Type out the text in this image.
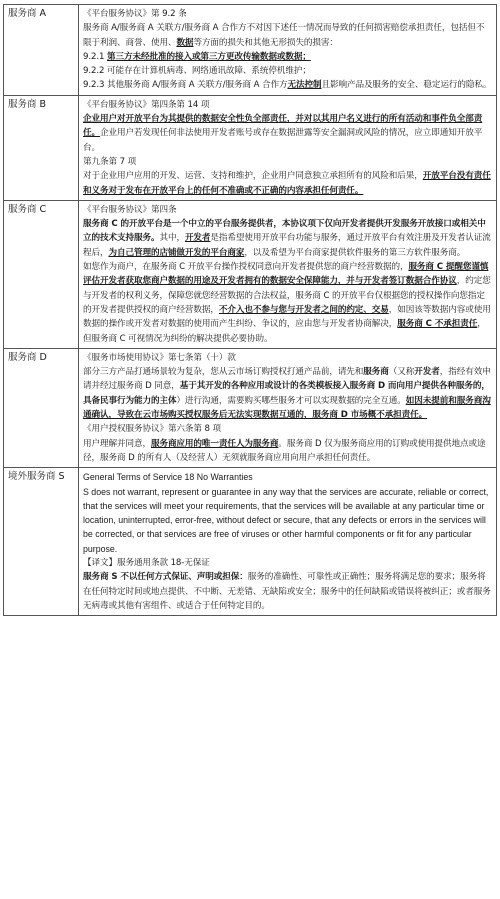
服务商 A	《平台服务协议》第 9.2 条
服务商 A/服务商 A 关联方/服务商 A 合作方不对因下述任一情况而导致的任何损害赔偿承担责任，包括但不限于利润、商誉、使用、数据等方面的损失和其他无形损失的损害：
9.2.1 第三方未经批准的接入或第三方更改传输数据或数据；
9.2.2 可能存在计算机病毒、网络通讯故障、系统停机维护；
9.2.3 其他服务商 A/服务商 A 关联方/服务商 A 合作方无法控制且影响产品及服务的安全、稳定运行的隐私。

服务商 B	《平台服务协议》第四条第 14 项
企业用户对开放平台为其提供的数据安全性负全部责任，并对以其用户名义进行的所有活动和事件负全部责任。企业用户若发现任何非法使用开发者账号或存在数据泄露等安全漏洞或风险的情况，应立即通知开放平台。
第九条第 7 项
对于企业用户应用的开发、运营、支持和维护，企业用户同意独立承担所有的风险和后果，开放平台没有责任和义务对于发布在开放平台上的任何不准确或不正确的内容承担任何责任。

服务商 C	《平台服务协议》第四条
服务商 C 的开放平台是一个中立的平台服务提供者，本协议项下仅向开发者提供开发服务开放接口或相关中立的技术支持服务。其中，开发者是指希望使用开放平台功能与服务，通过开放平台有效注册及开发者认证流程后，为自己管理的店铺做开发的平台商家，以及希望为平台商家提供软件服务的第三方软件服务商。
如您作为商户，在服务商 C 开放平台操作授权同意向开发者提供您的商户经营数据的，服务商 C 提醒您谨慎评估开发者获取您商户数据的用途及开发者拥有的数据安全保障能力，并与开发者签订数据合作协议，约定您与开发者的权利义务，保障您就您经营数据的合法权益，服务商 C 的开放平台仅根据您的授权操作向您指定的开发者提供授权的商户经营数据，不介入也不参与您与开发者之间的约定、交易，如因该等数据内容或使用数据的操作或开发者对数据的使用而产生纠纷、争议的，应由您与开发者协商解决，服务商 C 不承担责任，但服务商 C 可视情况为纠纷的解决提供必要协助。

服务商 D	《服务市场使用协议》第七条第（十）款
部分三方产品打通场景较为复杂，您从云市场订购授权打通产品前，请先和服务商（又称开发者，指经有效申请并经过服务商 D 同意，基于其开发的各种应用或设计的各类模板接入服务商 D 而向用户提供各种服务的，具备民事行为能力的主体）进行沟通，需要购买哪些服务才可以实现数据的完全互通。如因未提前和服务商沟通确认，导致在云市场购买授权服务后无法实现数据互通的，服务商 D 市场概不承担责任。
《用户授权服务协议》第六条第 8 项
用户理解并同意，服务商应用的唯一责任人为服务商。服务商 D 仅为服务商应用的订购或使用提供地点或途径，服务商 D 的所有人（及经营人）无须就服务商应用向用户承担任何责任。

境外服务商 S	General Terms of Service 18 No Warranties
S does not warrant, represent or guarantee in any way that the services are accurate, reliable or correct, that the services will meet your requirements, that the services will be available at any particular time or location, uninterrupted, error-free, without defect or secure, that any defects or errors in the services will be corrected, or that services are free of viruses or other harmful components or fit for any particular purpose.
【译文】服务通用条款 18-无保证
服务商 S 不以任何方式保证、声明或担保：服务的准确性、可靠性或正确性；服务将满足您的要求；服务将在任何特定时间或地点提供、不中断、无差错、无缺陷或安全；服务中的任何缺陷或错误将被纠正；或者服务无病毒或其他有害组件、或适合于任何特定目的。
